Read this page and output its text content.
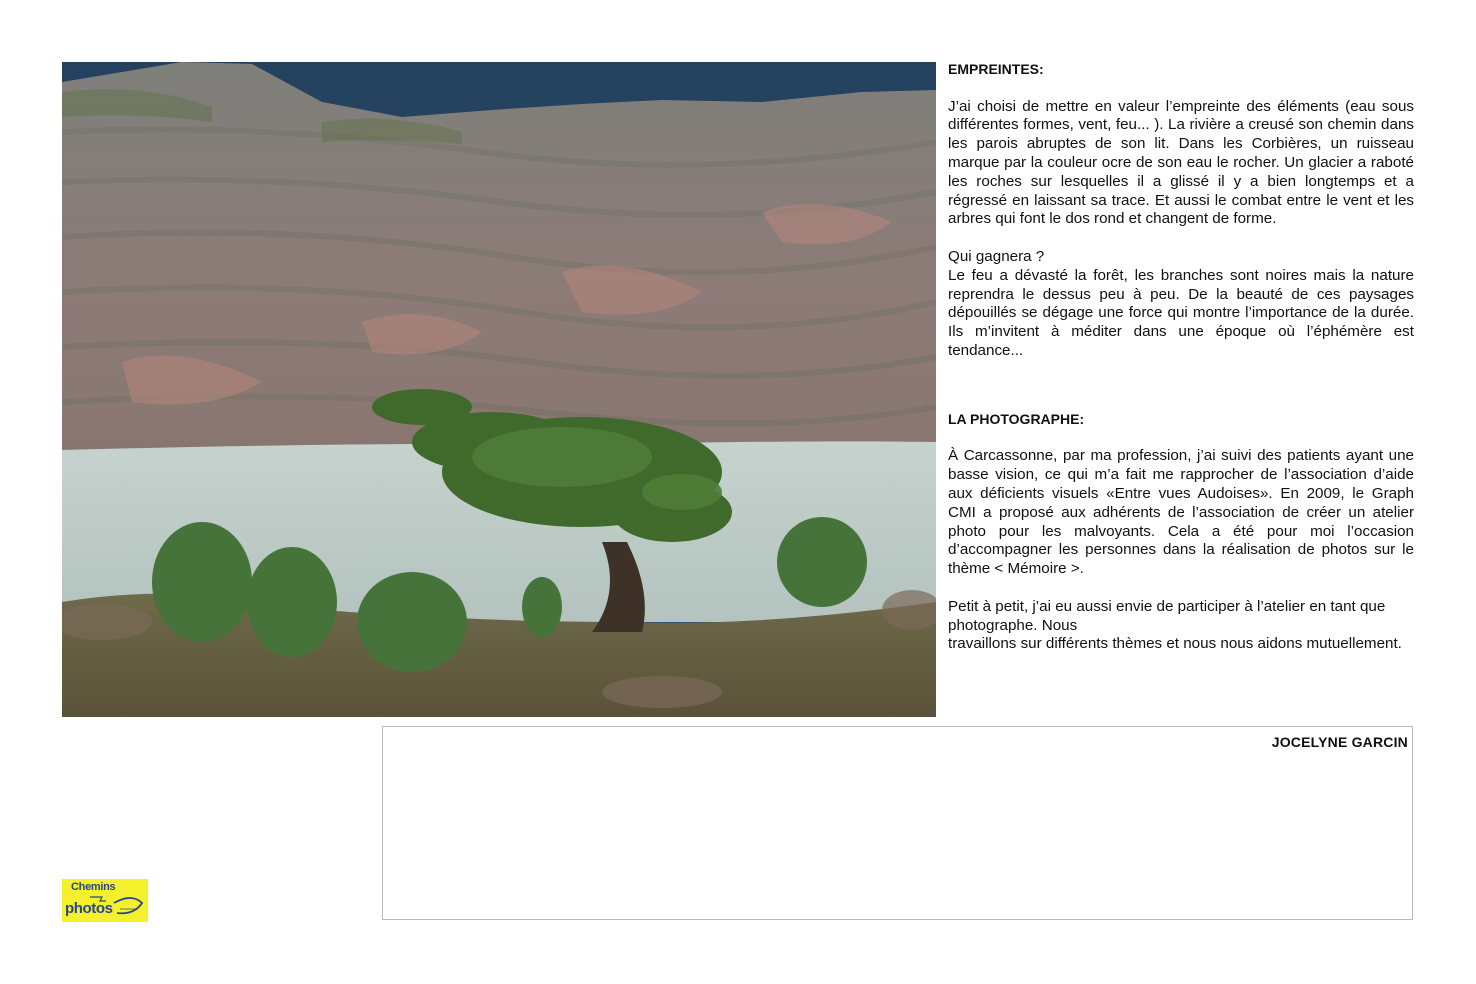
EMPREINTES:

J’ai choisi de mettre en valeur l’empreinte des éléments (eau sous différentes formes, vent, feu... ). La rivière a creusé son chemin dans les parois abruptes de son lit. Dans les Corbières, un ruisseau marque par la couleur ocre de son eau le rocher. Un glacier a raboté les roches sur lesquelles il a glissé il y a bien longtemps et a régressé en laissant sa trace. Et aussi le combat entre le vent et les arbres qui font le dos rond et changent de forme.

Qui gagnera ?

Le feu a dévasté la forêt, les branches sont noires mais la nature reprendra le dessus peu à peu. De la beauté de ces paysages dépouillés se dégage une force qui montre l’importance de la durée. Ils m’invitent à méditer dans une époque où l’éphémère est tendance...

LA PHOTOGRAPHE:

À Carcassonne, par ma profession, j’ai suivi des patients ayant une basse vision, ce qui m’a fait me rapprocher de l’association d’aide aux déficients visuels «Entre vues Audoises». En 2009, le Graph CMI a proposé aux adhérents de l’association de créer un atelier photo pour les malvoyants. Cela a été pour moi l’occasion d’accompagner les personnes dans la réalisation de photos sur le thème < Mémoire >.

Petit à petit, j’ai eu aussi envie de participer à l’atelier en tant que photographe. Nous

travaillons sur différents thèmes et nous nous aidons mutuellement.

JOCELYNE GARCIN
Chemins
photos
